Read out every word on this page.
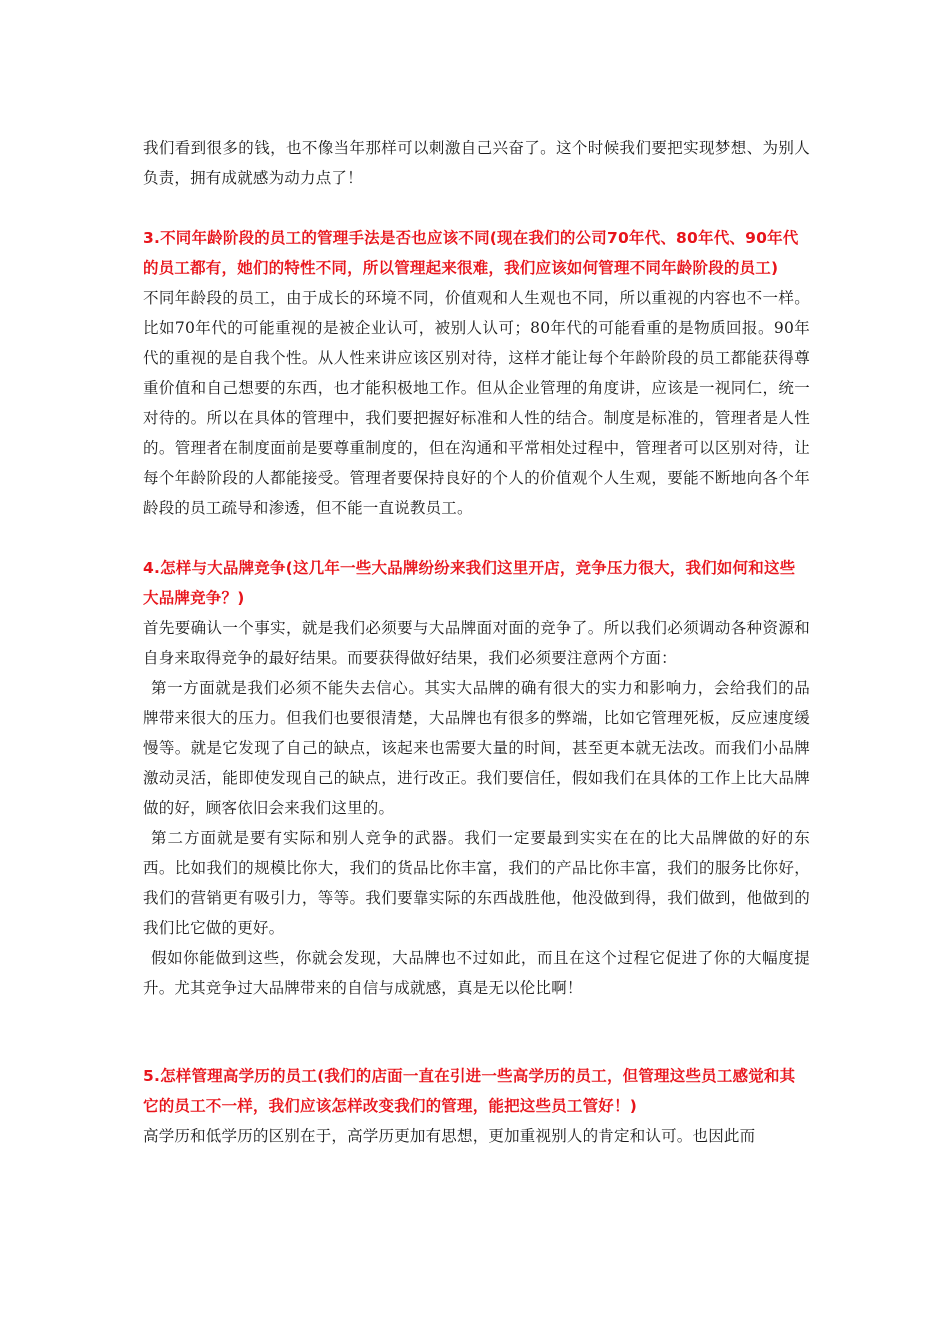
我们看到很多的钱，也不像当年那样可以刺激自己兴奋了。这个时候我们要把实现梦想、为别人负责，拥有成就感为动力点了！

3.不同年龄阶段的员工的管理手法是否也应该不同(现在我们的公司70年代、80年代、90年代的员工都有，她们的特性不同，所以管理起来很难，我们应该如何管理不同年龄阶段的员工)

不同年龄段的员工，由于成长的环境不同，价值观和人生观也不同，所以重视的内容也不一样。比如70年代的可能重视的是被企业认可，被别人认可；80年代的可能看重的是物质回报。90年代的重视的是自我个性。从人性来讲应该区别对待，这样才能让每个年龄阶段的员工都能获得尊重价值和自己想要的东西，也才能积极地工作。但从企业管理的角度讲，应该是一视同仁，统一对待的。所以在具体的管理中，我们要把握好标准和人性的结合。制度是标准的，管理者是人性的。管理者在制度面前是要尊重制度的，但在沟通和平常相处过程中，管理者可以区别对待，让每个年龄阶段的人都能接受。管理者要保持良好的个人的价值观个人生观，要能不断地向各个年龄段的员工疏导和渗透，但不能一直说教员工。

4.怎样与大品牌竞争(这几年一些大品牌纷纷来我们这里开店，竞争压力很大，我们如何和这些大品牌竞争？)

首先要确认一个事实，就是我们必须要与大品牌面对面的竞争了。所以我们必须调动各种资源和自身来取得竞争的最好结果。而要获得做好结果，我们必须要注意两个方面：

第一方面就是我们必须不能失去信心。其实大品牌的确有很大的实力和影响力，会给我们的品牌带来很大的压力。但我们也要很清楚，大品牌也有很多的弊端，比如它管理死板，反应速度缓慢等。就是它发现了自己的缺点，该起来也需要大量的时间，甚至更本就无法改。而我们小品牌激动灵活，能即使发现自己的缺点，进行改正。我们要信任，假如我们在具体的工作上比大品牌做的好，顾客依旧会来我们这里的。

第二方面就是要有实际和别人竞争的武器。我们一定要最到实实在在的比大品牌做的好的东西。比如我们的规模比你大，我们的货品比你丰富，我们的产品比你丰富，我们的服务比你好，我们的营销更有吸引力，等等。我们要靠实际的东西战胜他，他没做到得，我们做到，他做到的我们比它做的更好。

假如你能做到这些，你就会发现，大品牌也不过如此，而且在这个过程它促进了你的大幅度提升。尤其竞争过大品牌带来的自信与成就感，真是无以伦比啊！

5.怎样管理高学历的员工(我们的店面一直在引进一些高学历的员工，但管理这些员工感觉和其它的员工不一样，我们应该怎样改变我们的管理，能把这些员工管好！)

高学历和低学历的区别在于，高学历更加有思想，更加重视别人的肯定和认可。也因此而
